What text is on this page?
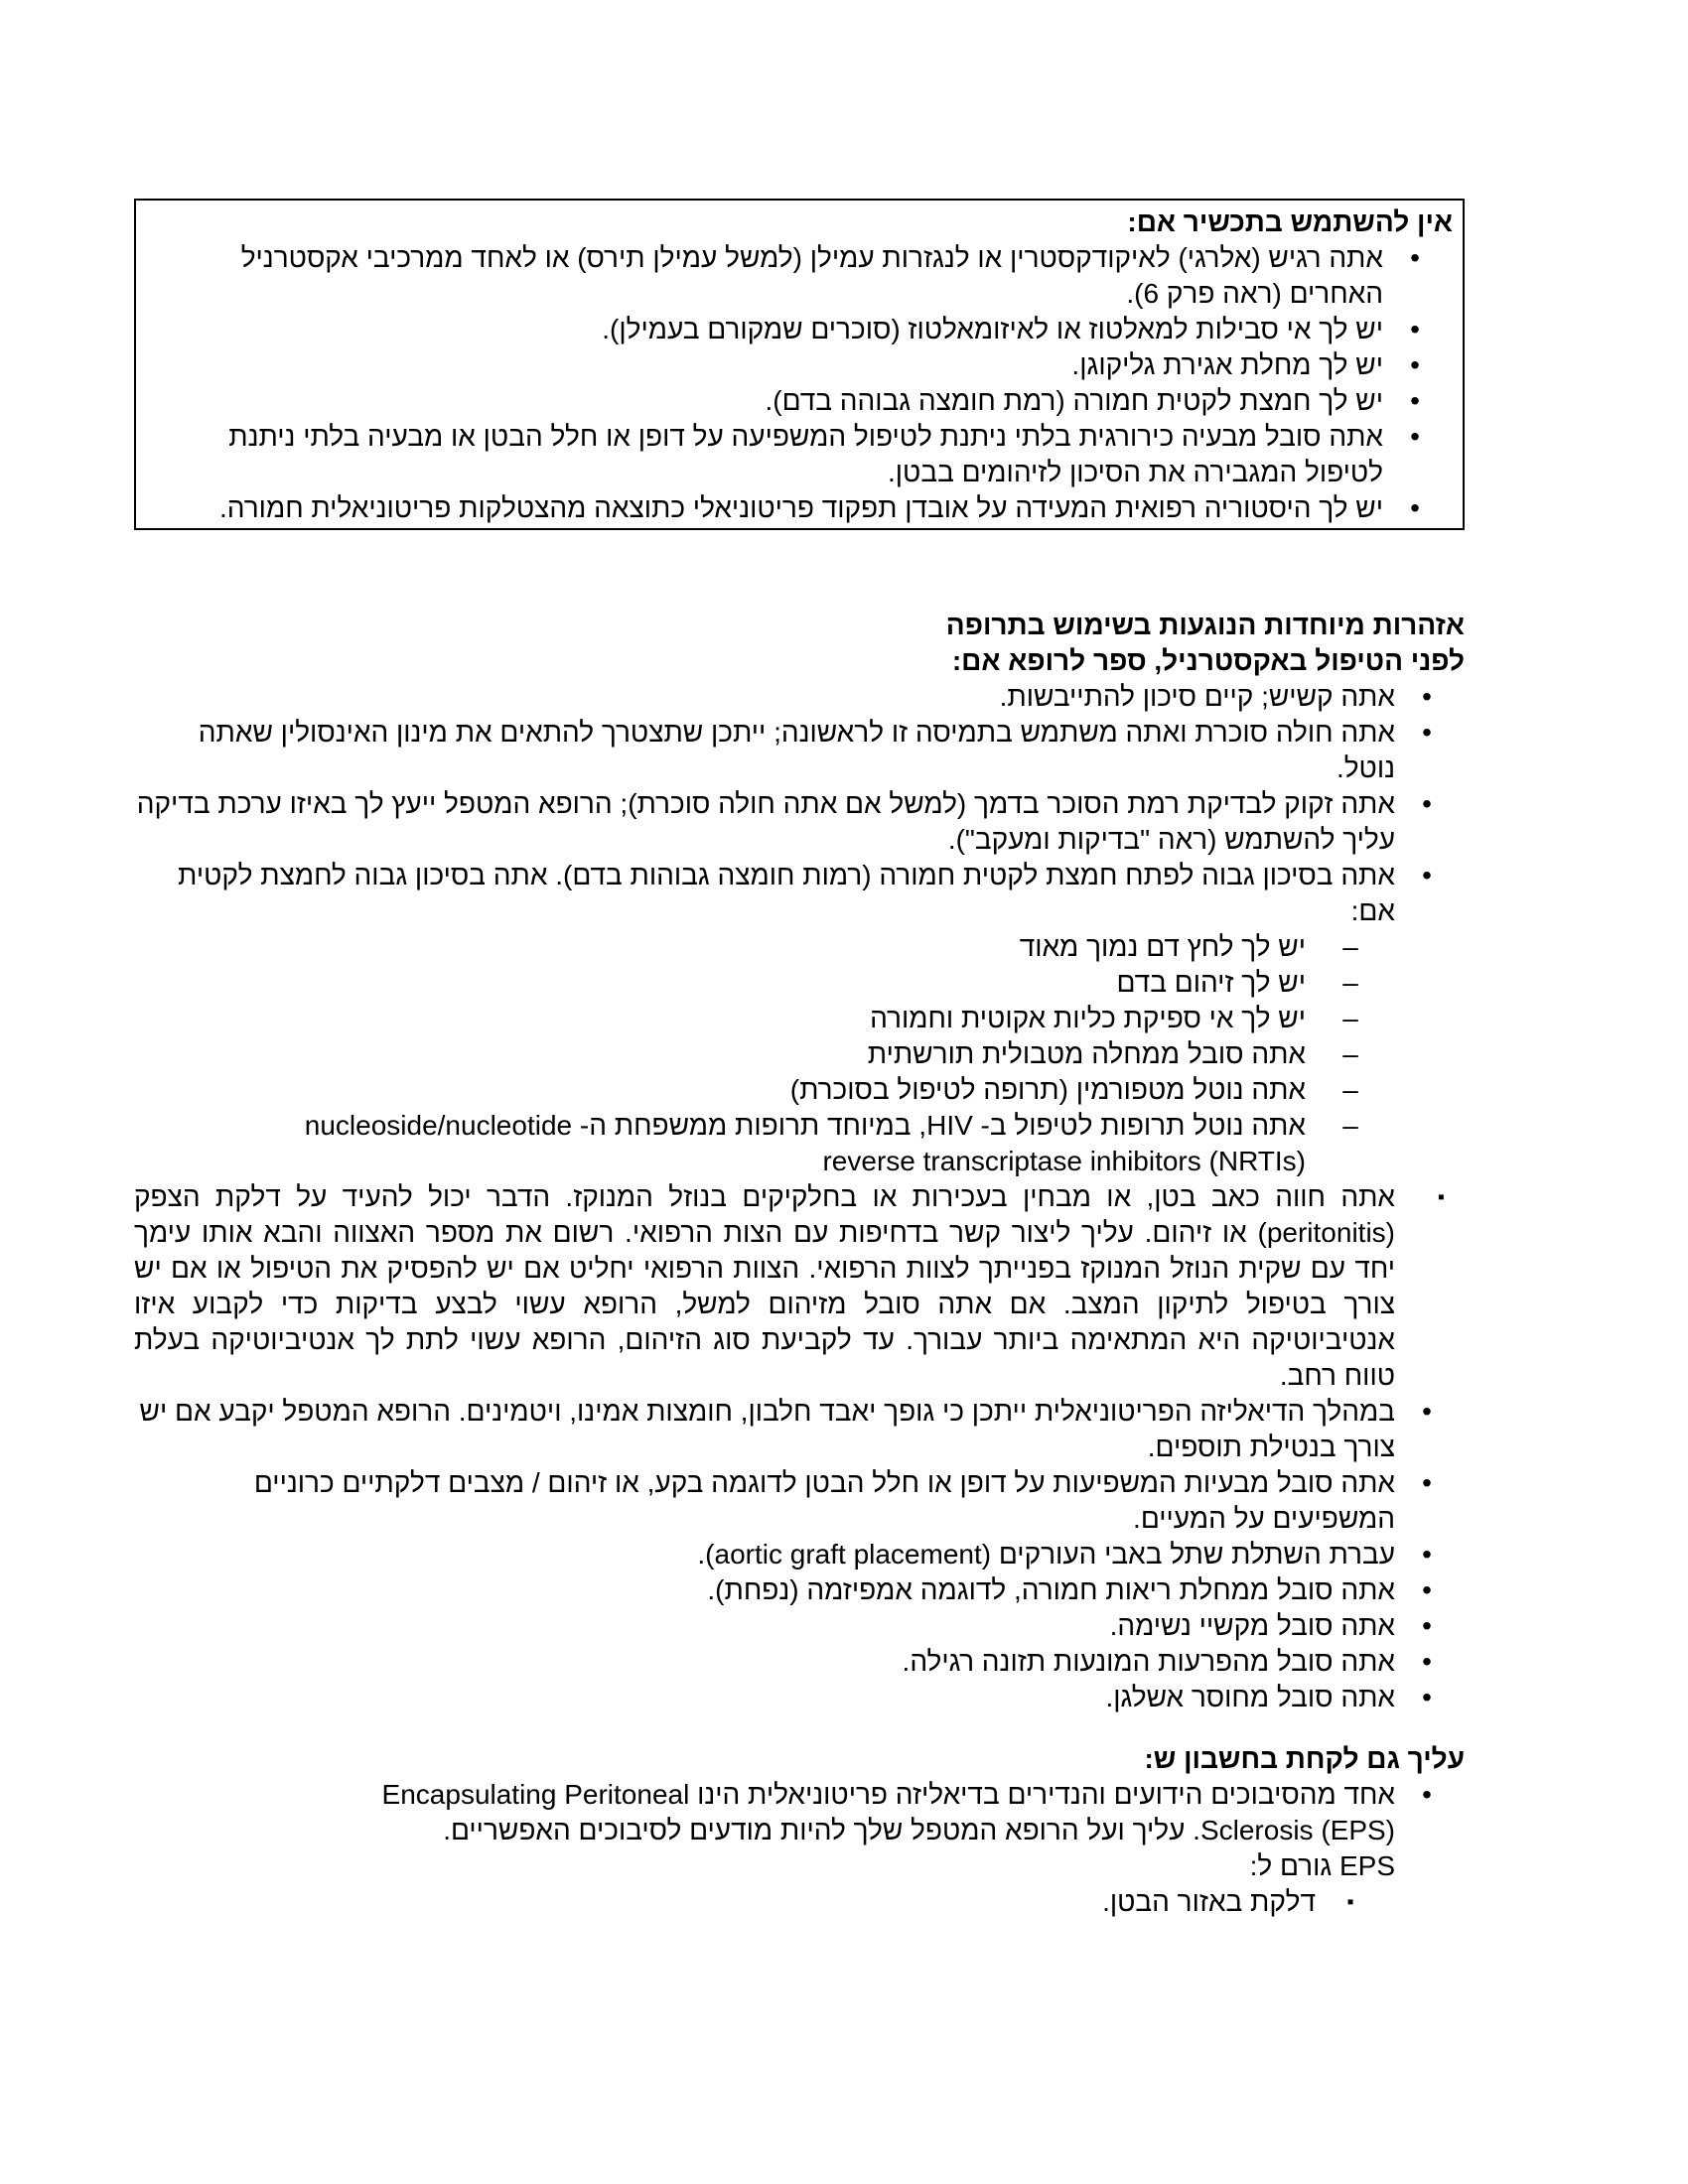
אין להשתמש בתכשיר אם:

•
אתה רגיש (אלרגי) לאיקודקסטרין או לנגזרות עמילן (למשל עמילן תירס) או לאחד ממרכיבי אקסטרניל האחרים (ראה פרק 6).
•
יש לך אי סבילות למאלטוז או לאיזומאלטוז (סוכרים שמקורם בעמילן).
•
יש לך מחלת אגירת גליקוגן.
•
יש לך חמצת לקטית חמורה (רמת חומצה גבוהה בדם).
•
אתה סובל מבעיה כירורגית בלתי ניתנת לטיפול המשפיעה על דופן או חלל הבטן או מבעיה בלתי ניתנת לטיפול המגבירה את הסיכון לזיהומים בבטן.
•
יש לך היסטוריה רפואית המעידה על אובדן תפקוד פריטוניאלי כתוצאה מהצטלקות פריטוניאלית חמורה.

אזהרות מיוחדות הנוגעות בשימוש בתרופה

לפני הטיפול באקסטרניל, ספר לרופא אם:

•
אתה קשיש; קיים סיכון להתייבשות.
•
אתה חולה סוכרת ואתה משתמש בתמיסה זו לראשונה; ייתכן שתצטרך להתאים את מינון האינסולין שאתה נוטל.
•
אתה זקוק לבדיקת רמת הסוכר בדמך (למשל אם אתה חולה סוכרת); הרופא המטפל ייעץ לך באיזו ערכת בדיקה עליך להשתמש (ראה "בדיקות ומעקב").
•
אתה בסיכון גבוה לפתח חמצת לקטית חמורה (רמות חומצה גבוהות בדם). אתה בסיכון גבוה לחמצת לקטית אם:
–
יש לך לחץ דם נמוך מאוד
–
יש לך זיהום בדם
–
יש לך אי ספיקת כליות אקוטית וחמורה
–
אתה סובל ממחלה מטבולית תורשתית
–
אתה נוטל מטפורמין (תרופה לטיפול בסוכרת)
–
אתה נוטל תרופות לטיפול ב- HIV, במיוחד תרופות ממשפחת ה- nucleoside/nucleotide
reverse transcriptase inhibitors (NRTIs)
▪
אתה חווה כאב בטן, או מבחין בעכירות או בחלקיקים בנוזל המנוקז. הדבר יכול להעיד על דלקת הצפק (peritonitis) או זיהום. עליך ליצור קשר בדחיפות עם הצות הרפואי. רשום את מספר האצווה והבא אותו עימך יחד עם שקית הנוזל המנוקז בפנייתך לצוות הרפואי. הצוות הרפואי יחליט אם יש להפסיק את הטיפול או אם יש צורך בטיפול לתיקון המצב. אם אתה סובל מזיהום למשל, הרופא עשוי לבצע בדיקות כדי לקבוע איזו אנטיביוטיקה היא המתאימה ביותר עבורך. עד לקביעת סוג הזיהום, הרופא עשוי לתת לך אנטיביוטיקה בעלת טווח רחב.
•
במהלך הדיאליזה הפריטוניאלית ייתכן כי גופך יאבד חלבון, חומצות אמינו, ויטמינים. הרופא המטפל יקבע אם יש צורך בנטילת תוספים.
•
אתה סובל מבעיות המשפיעות על דופן או חלל הבטן לדוגמה בקע, או זיהום / מצבים דלקתיים כרוניים המשפיעים על המעיים.
•
עברת השתלת שתל באבי העורקים (aortic graft placement).
•
אתה סובל ממחלת ריאות חמורה, לדוגמה אמפיזמה (נפחת).
•
אתה סובל מקשיי נשימה.
•
אתה סובל מהפרעות המונעות תזונה רגילה.
•
אתה סובל מחוסר אשלגן.

עליך גם לקחת בחשבון ש:

•
אחד מהסיבוכים הידועים והנדירים בדיאליזה פריטוניאלית הינו Encapsulating Peritoneal
Sclerosis (EPS). עליך ועל הרופא המטפל שלך להיות מודעים לסיבוכים האפשריים.
EPS גורם ל:
▪
דלקת באזור הבטן.
